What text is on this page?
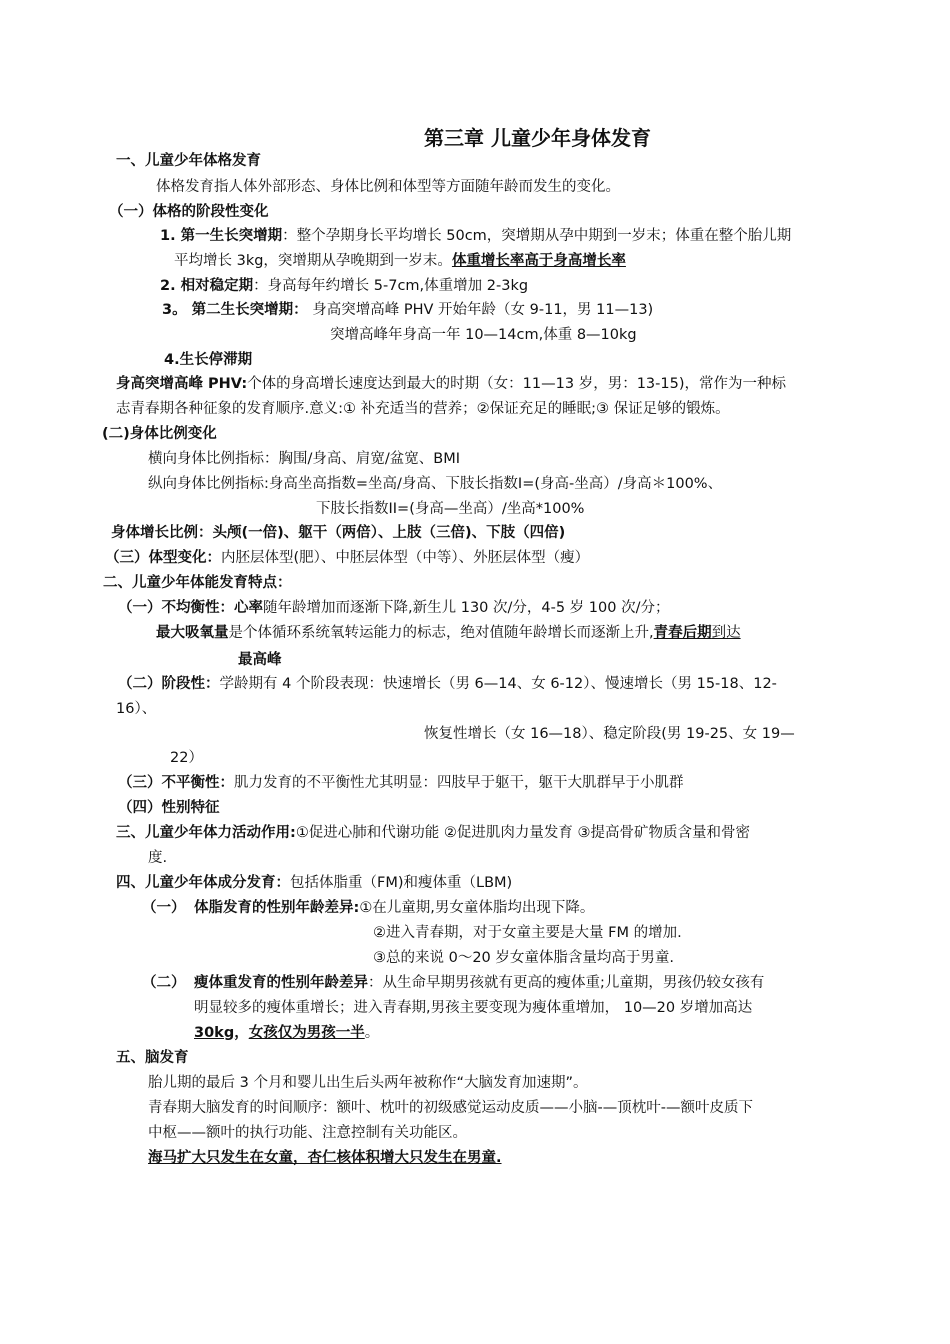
第三章 儿童少年身体发育
一、儿童少年体格发育
体格发育指人体外部形态、身体比例和体型等方面随年龄而发生的变化。
（一）体格的阶段性变化
1. 第一生长突增期：整个孕期身长平均增长 50cm，突增期从孕中期到一岁末；体重在整个胎儿期
平均增长 3kg，突增期从孕晚期到一岁末。体重增长率高于身高增长率
2. 相对稳定期：身高每年约增长 5-7cm,体重增加 2-3kg
3。 第二生长突增期： 身高突增高峰 PHV 开始年龄（女 9-11，男 11—13)
突增高峰年身高一年 10—14cm,体重 8—10kg
4.生长停滞期
身高突增高峰 PHV:个体的身高增长速度达到最大的时期（女：11—13 岁，男：13-15)，常作为一种标
志青春期各种征象的发育顺序.意义:① 补充适当的营养；②保证充足的睡眠;③ 保证足够的锻炼。
(二)身体比例变化
横向身体比例指标：胸围/身高、肩宽/盆宽、BMI
纵向身体比例指标:身高坐高指数=坐高/身高、下肢长指数I=(身高-坐高）/身高＊100%、
下肢长指数II=(身高—坐高）/坐高*100%
身体增长比例：头颅(一倍)、躯干（两倍）、上肢（三倍)、下肢（四倍)
（三）体型变化：内胚层体型(肥）、中胚层体型（中等）、外胚层体型（瘦）
二、儿童少年体能发育特点：
（一）不均衡性：心率随年龄增加而逐渐下降,新生儿 130 次/分，4-5 岁 100 次/分；
最大吸氧量是个体循环系统氧转运能力的标志，绝对值随年龄增长而逐渐上升,青春后期到达
最高峰
（二）阶段性：学龄期有 4 个阶段表现：快速增长（男 6—14、女 6-12）、慢速增长（男 15-18、12-
16）、
恢复性增长（女 16—18）、稳定阶段(男 19-25、女 19—
22）
（三）不平衡性：肌力发育的不平衡性尤其明显：四肢早于躯干，躯干大肌群早于小肌群
（四）性别特征
三、儿童少年体力活动作用:①促进心肺和代谢功能 ②促进肌肉力量发育 ③提高骨矿物质含量和骨密
度.
四、儿童少年体成分发育：包括体脂重（FM)和瘦体重（LBM)
（一） 体脂发育的性别年龄差异:①在儿童期,男女童体脂均出现下降。
②进入青春期，对于女童主要是大量 FM 的增加.
③总的来说 0～20 岁女童体脂含量均高于男童.
（二） 瘦体重发育的性别年龄差异：从生命早期男孩就有更高的瘦体重;儿童期，男孩仍较女孩有
明显较多的瘦体重增长；进入青春期,男孩主要变现为瘦体重增加， 10—20 岁增加高达
30kg，女孩仅为男孩一半。
五、脑发育
胎儿期的最后 3 个月和婴儿出生后头两年被称作“大脑发育加速期”。
青春期大脑发育的时间顺序：额叶、枕叶的初级感觉运动皮质——小脑-—顶枕叶-—额叶皮质下
中枢——额叶的执行功能、注意控制有关功能区。
海马扩大只发生在女童，杏仁核体积增大只发生在男童.
